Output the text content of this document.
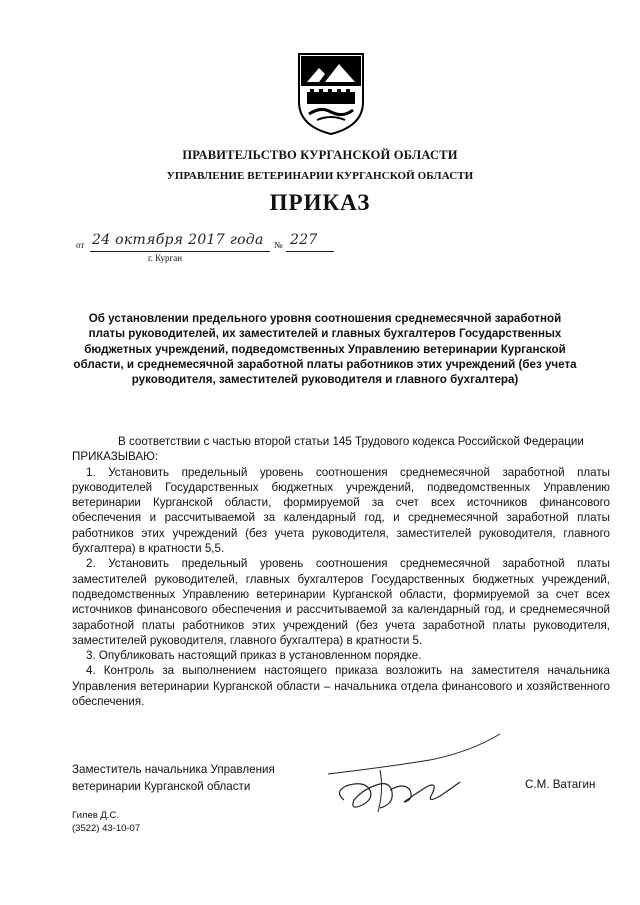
ПРАВИТЕЛЬСТВО КУРГАНСКОЙ ОБЛАСТИ
УПРАВЛЕНИЕ ВЕТЕРИНАРИИ КУРГАНСКОЙ ОБЛАСТИ
ПРИКАЗ
от 24 октября 2017 года № 227
г. Курган
Об установлении предельного уровня соотношения среднемесячной заработной платы руководителей, их заместителей и главных бухгалтеров Государственных бюджетных учреждений, подведомственных Управлению ветеринарии Курганской области, и среднемесячной заработной платы работников этих учреждений (без учета руководителя, заместителей руководителя и главного бухгалтера)

В соответствии с частью второй статьи 145 Трудового кодекса Российской Федерации

ПРИКАЗЫВАЮ:

1. Установить предельный уровень соотношения среднемесячной заработной платы руководителей Государственных бюджетных учреждений, подведомственных Управлению ветеринарии Курганской области, формируемой за счет всех источников финансового обеспечения и рассчитываемой за календарный год, и среднемесячной заработной платы работников этих учреждений (без учета руководителя, заместителей руководителя, главного бухгалтера) в кратности 5,5.

2. Установить предельный уровень соотношения среднемесячной заработной платы заместителей руководителей, главных бухгалтеров Государственных бюджетных учреждений, подведомственных Управлению ветеринарии Курганской области, формируемой за счет всех источников финансового обеспечения и рассчитываемой за календарный год, и среднемесячной заработной платы работников этих учреждений (без учета заработной платы руководителя, заместителей руководителя, главного бухгалтера) в кратности 5.

3. Опубликовать настоящий приказ в установленном порядке.

4. Контроль за выполнением настоящего приказа возложить на заместителя начальника Управления ветеринарии Курганской области – начальника отдела финансового и хозяйственного обеспечения.

Заместитель начальника Управления
ветеринарии Курганской области	С.М. Ватагин
Гилев Д.С.
(3522) 43-10-07
